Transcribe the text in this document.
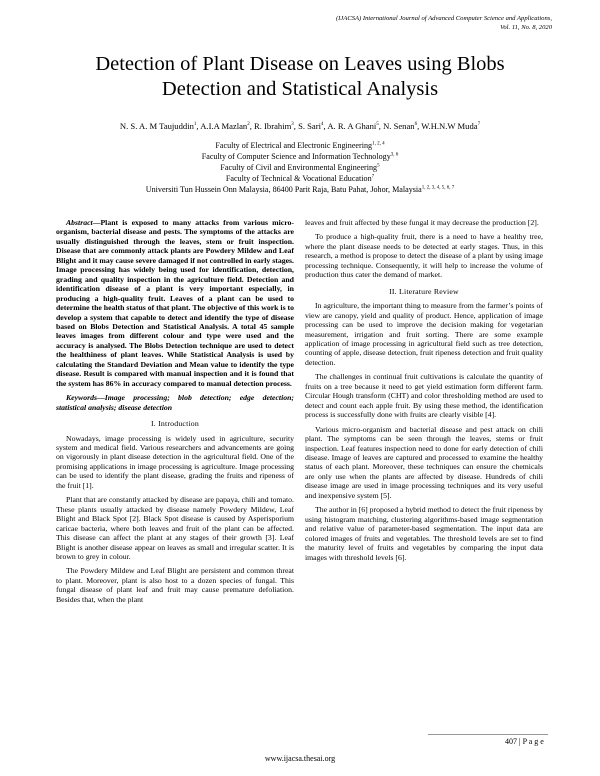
(IJACSA) International Journal of Advanced Computer Science and Applications,
Vol. 11, No. 8, 2020
Detection of Plant Disease on Leaves using Blobs
Detection and Statistical Analysis
N. S. A. M Taujuddin$^1$, A.I.A Mazlan$^2$, R. Ibrahim$^3$, S. Sari$^4$, A. R. A Ghani$^5$, N. Senan$^6$, W.H.N.W Muda$^7$
Faculty of Electrical and Electronic Engineering$^{1, 2, 4}$
Faculty of Computer Science and Information Technology$^{3, 6}$
Faculty of Civil and Environmental Engineering$^5$
Faculty of Technical & Vocational Education$^7$
Universiti Tun Hussein Onn Malaysia, 86400 Parit Raja, Batu Pahat, Johor, Malaysia$^{1, 2, 3, 4, 5, 6, 7}$

Abstract—Plant is exposed to many attacks from various micro-organism, bacterial disease and pests. The symptoms of the attacks are usually distinguished through the leaves, stem or fruit inspection. Disease that are commonly attack plants are Powdery Mildew and Leaf Blight and it may cause severe damaged if not controlled in early stages. Image processing has widely being used for identification, detection, grading and quality inspection in the agriculture field. Detection and identification disease of a plant is very important especially, in producing a high-quality fruit. Leaves of a plant can be used to determine the health status of that plant. The objective of this work is to develop a system that capable to detect and identify the type of disease based on Blobs Detection and Statistical Analysis. A total 45 sample leaves images from different colour and type were used and the accuracy is analysed. The Blobs Detection technique are used to detect the healthiness of plant leaves. While Statistical Analysis is used by calculating the Standard Deviation and Mean value to identify the type disease. Result is compared with manual inspection and it is found that the system has 86% in accuracy compared to manual detection process.

Keywords—Image processing; blob detection; edge detection; statistical analysis; disease detection

I. Introduction

Nowadays, image processing is widely used in agriculture, security system and medical field. Various researchers and advancements are going on vigorously in plant disease detection in the agricultural field. One of the promising applications in image processing is agriculture. Image processing can be used to identify the plant disease, grading the fruits and ripeness of the fruit [1].

Plant that are constantly attacked by disease are papaya, chili and tomato. These plants usually attacked by disease namely Powdery Mildew, Leaf Blight and Black Spot [2]. Black Spot disease is caused by Asperisporium caricae bacteria, where both leaves and fruit of the plant can be affected. This disease can affect the plant at any stages of their growth [3]. Leaf Blight is another disease appear on leaves as small and irregular scatter. It is brown to grey in colour.

The Powdery Mildew and Leaf Blight are persistent and common threat to plant. Moreover, plant is also host to a dozen species of fungal. This fungal disease of plant leaf and fruit may cause premature defoliation. Besides that, when the plant

leaves and fruit affected by these fungal it may decrease the production [2].

To produce a high-quality fruit, there is a need to have a healthy tree, where the plant disease needs to be detected at early stages. Thus, in this research, a method is propose to detect the disease of a plant by using image processing technique. Consequently, it will help to increase the volume of production thus cater the demand of market.

II. Literature Review

In agriculture, the important thing to measure from the farmer’s points of view are canopy, yield and quality of product. Hence, application of image processing can be used to improve the decision making for vegetarian measurement, irrigation and fruit sorting. There are some example application of image processing in agricultural field such as tree detection, counting of apple, disease detection, fruit ripeness detection and fruit quality detection.

The challenges in continual fruit cultivations is calculate the quantity of fruits on a tree because it need to get yield estimation form different farm. Circular Hough transform (CHT) and color thresholding method are used to detect and count each apple fruit. By using these method, the identification process is successfully done with fruits are clearly visible [4].

Various micro-organism and bacterial disease and pest attack on chili plant. The symptoms can be seen through the leaves, stems or fruit inspection. Leaf features inspection need to done for early detection of chili disease. Image of leaves are captured and processed to examine the healthy status of each plant. Moreover, these techniques can ensure the chemicals are only use when the plants are affected by disease. Hundreds of chili disease image are used in image processing techniques and its very useful and inexpensive system [5].

The author in [6] proposed a hybrid method to detect the fruit ripeness by using histogram matching, clustering algorithms-based image segmentation and relative value of parameter-based segmentation. The input data are colored images of fruits and vegetables. The threshold levels are set to find the maturity level of fruits and vegetables by comparing the input data images with threshold levels [6].

407 | P a g e
www.ijacsa.thesai.org
